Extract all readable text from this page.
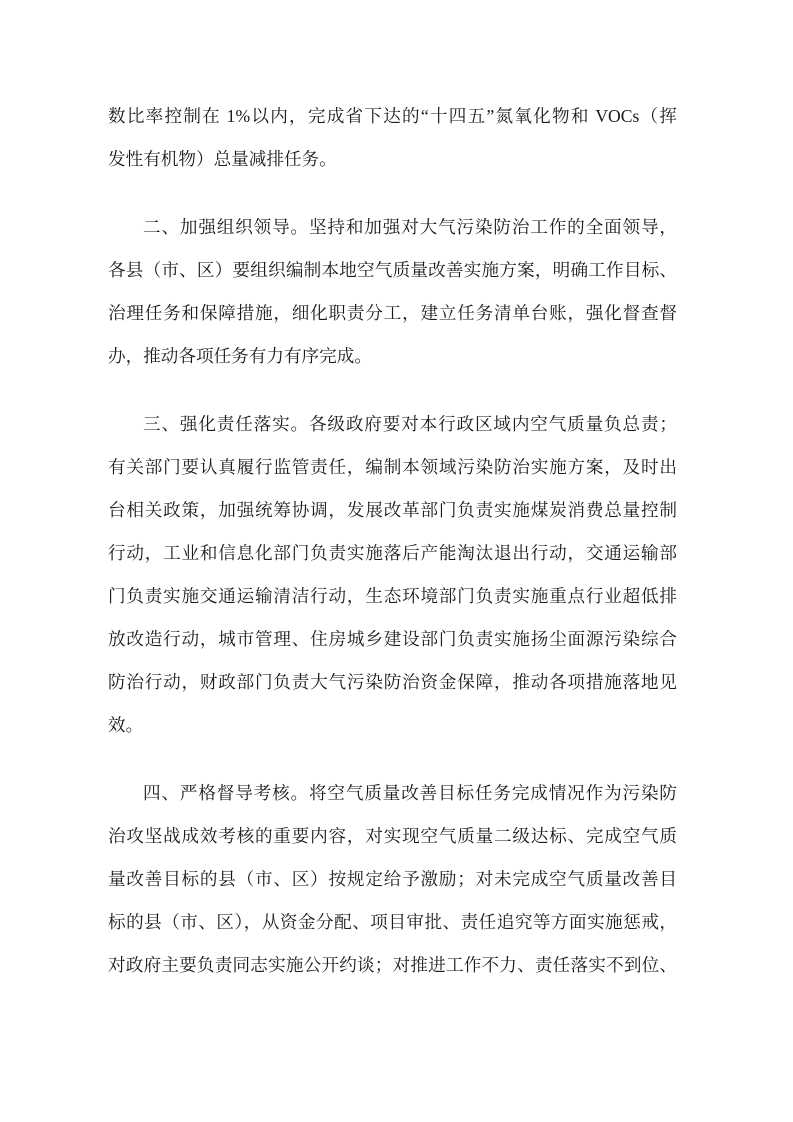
数比率控制在 1%以内，完成省下达的“十四五”氮氧化物和 VOCs（挥
发性有机物）总量减排任务。
二、加强组织领导。坚持和加强对大气污染防治工作的全面领导，
各县（市、区）要组织编制本地空气质量改善实施方案，明确工作目标、
治理任务和保障措施，细化职责分工，建立任务清单台账，强化督查督
办，推动各项任务有力有序完成。
三、强化责任落实。各级政府要对本行政区域内空气质量负总责；
有关部门要认真履行监管责任，编制本领域污染防治实施方案，及时出
台相关政策，加强统筹协调，发展改革部门负责实施煤炭消费总量控制
行动，工业和信息化部门负责实施落后产能淘汰退出行动，交通运输部
门负责实施交通运输清洁行动，生态环境部门负责实施重点行业超低排
放改造行动，城市管理、住房城乡建设部门负责实施扬尘面源污染综合
防治行动，财政部门负责大气污染防治资金保障，推动各项措施落地见
效。
四、严格督导考核。将空气质量改善目标任务完成情况作为污染防
治攻坚战成效考核的重要内容，对实现空气质量二级达标、完成空气质
量改善目标的县（市、区）按规定给予激励；对未完成空气质量改善目
标的县（市、区），从资金分配、项目审批、责任追究等方面实施惩戒，
对政府主要负责同志实施公开约谈；对推进工作不力、责任落实不到位、
